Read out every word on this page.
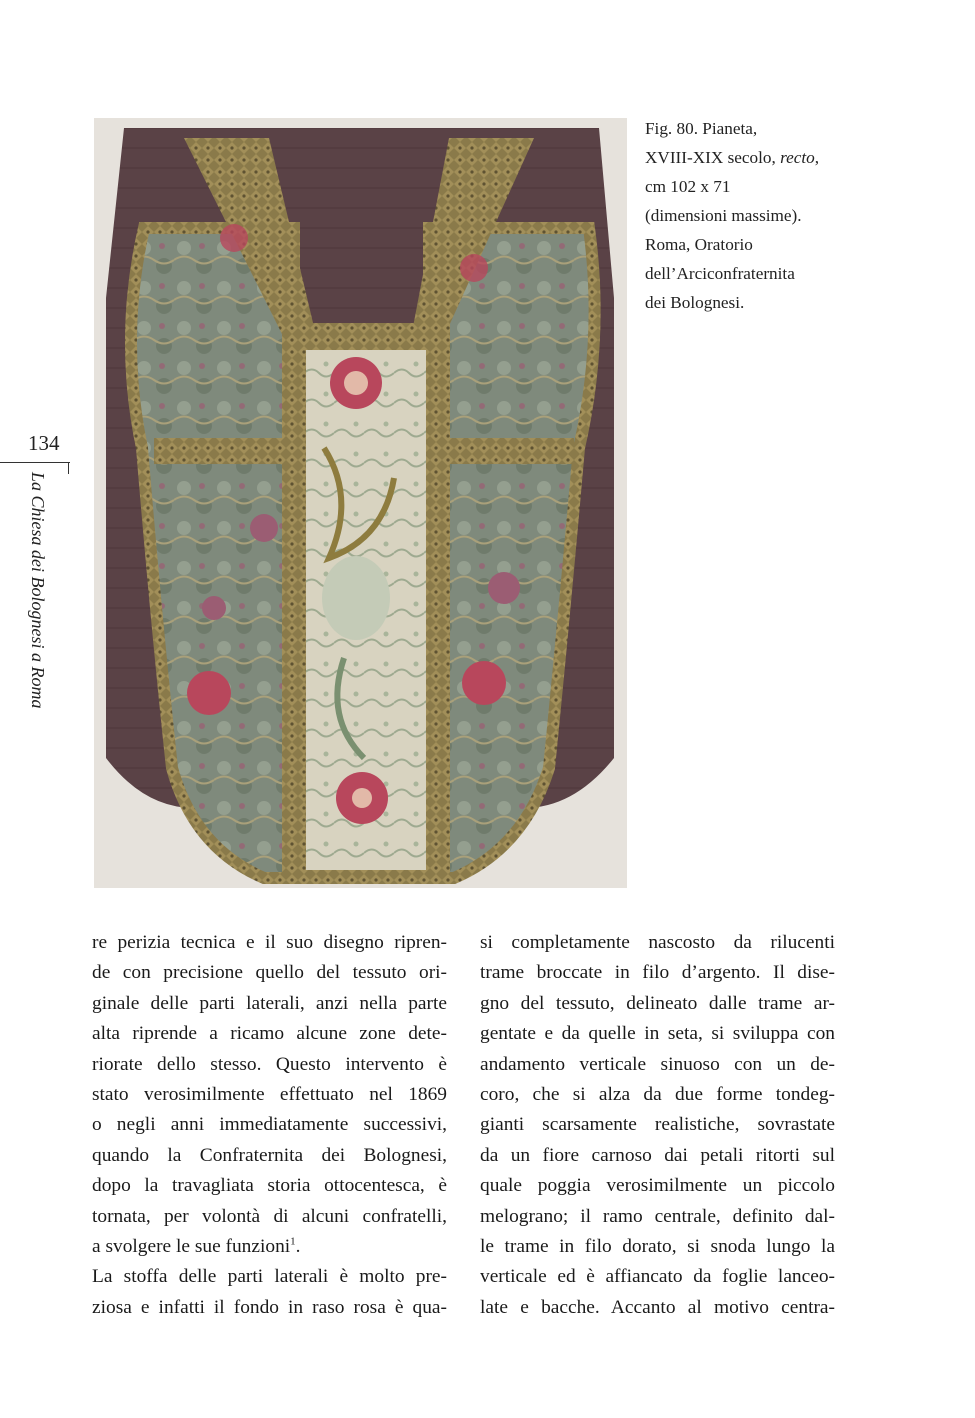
Fig. 80. Pianeta,
XVIII-XIX secolo, recto,
cm 102 x 71
(dimensioni massime).
Roma, Oratorio
dell’Arciconfraternita
dei Bolognesi.
134
La Chiesa dei Bolognesi a Roma
re perizia tecnica e il suo disegno ripren-
de con precisione quello del tessuto ori-
ginale delle parti laterali, anzi nella parte
alta riprende a ricamo alcune zone dete-
riorate dello stesso. Questo intervento è
stato verosimilmente effettuato nel 1869
o negli anni immediatamente successivi,
quando la Confraternita dei Bolognesi,
dopo la travagliata storia ottocentesca, è
tornata, per volontà di alcuni confratelli,
a svolgere le sue funzioni$^1$.
La stoffa delle parti laterali è molto pre-
ziosa e infatti il fondo in raso rosa è qua-
si completamente nascosto da rilucenti
trame broccate in filo d’argento. Il dise-
gno del tessuto, delineato dalle trame ar-
gentate e da quelle in seta, si sviluppa con
andamento verticale sinuoso con un de-
coro, che si alza da due forme tondeg-
gianti scarsamente realistiche, sovrastate
da un fiore carnoso dai petali ritorti sul
quale poggia verosimilmente un piccolo
melograno; il ramo centrale, definito dal-
le trame in filo dorato, si snoda lungo la
verticale ed è affiancato da foglie lanceo-
late e bacche. Accanto al motivo centra-
